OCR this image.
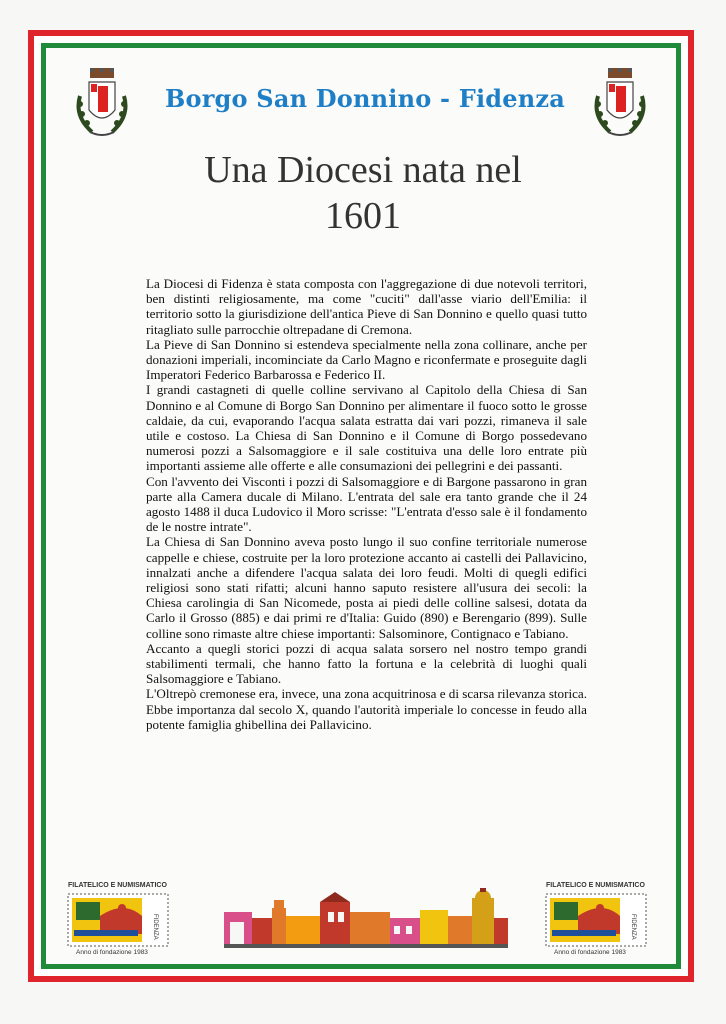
Borgo San Donnino - Fidenza
Una Diocesi nata nel
1601

La Diocesi di Fidenza è stata composta con l'aggregazione di due notevoli territori, ben distinti religiosamente, ma come "cuciti" dall'asse viario dell'Emilia: il territorio sotto la giurisdizione dell'antica Pieve di San Donnino e quello quasi tutto ritagliato sulle parrocchie oltrepadane di Cremona.

La Pieve di San Donnino si estendeva specialmente nella zona collinare, anche per donazioni imperiali, incominciate da Carlo Magno e riconfermate e proseguite dagli Imperatori Federico Barbarossa e Federico II.

I grandi castagneti di quelle colline servivano al Capitolo della Chiesa di San Donnino e al Comune di Borgo San Donnino per alimentare il fuoco sotto le grosse caldaie, da cui, evaporando l'acqua salata estratta dai vari pozzi, rimaneva il sale utile e costoso. La Chiesa di San Donnino e il Comune di Borgo possedevano numerosi pozzi a Salsomaggiore e il sale costituiva una delle loro entrate più importanti assieme alle offerte e alle consumazioni dei pellegrini e dei passanti.

Con l'avvento dei Visconti i pozzi di Salsomaggiore e di Bargone passarono in gran parte alla Camera ducale di Milano. L'entrata del sale era tanto grande che il 24 agosto 1488 il duca Ludovico il Moro scrisse: "L'entrata d'esso sale è il fondamento de le nostre intrate".

La Chiesa di San Donnino aveva posto lungo il suo confine territoriale numerose cappelle e chiese, costruite per la loro protezione accanto ai castelli dei Pallavicino, innalzati anche a difendere l'acqua salata dei loro feudi. Molti di quegli edifici religiosi sono stati rifatti; alcuni hanno saputo resistere all'usura dei secoli: la Chiesa carolingia di San Nicomede, posta ai piedi delle colline salsesi, dotata da Carlo il Grosso (885) e dai primi re d'Italia: Guido (890) e Berengario (899). Sulle colline sono rimaste altre chiese importanti: Salsominore, Contignaco e Tabiano.

Accanto a quegli storici pozzi di acqua salata sorsero nel nostro tempo grandi stabilimenti termali, che hanno fatto la fortuna e la celebrità di luoghi quali Salsomaggiore e Tabiano.

L'Oltrepò cremonese era, invece, una zona acquitrinosa e di scarsa rilevanza storica. Ebbe importanza dal secolo X, quando l'autorità imperiale lo concesse in feudo alla potente famiglia ghibellina dei Pallavicino.

FILATELICO E NUMISMATICO
FIDENZA
Anno di fondazione 1983
FILATELICO E NUMISMATICO
FIDENZA
Anno di fondazione 1983
